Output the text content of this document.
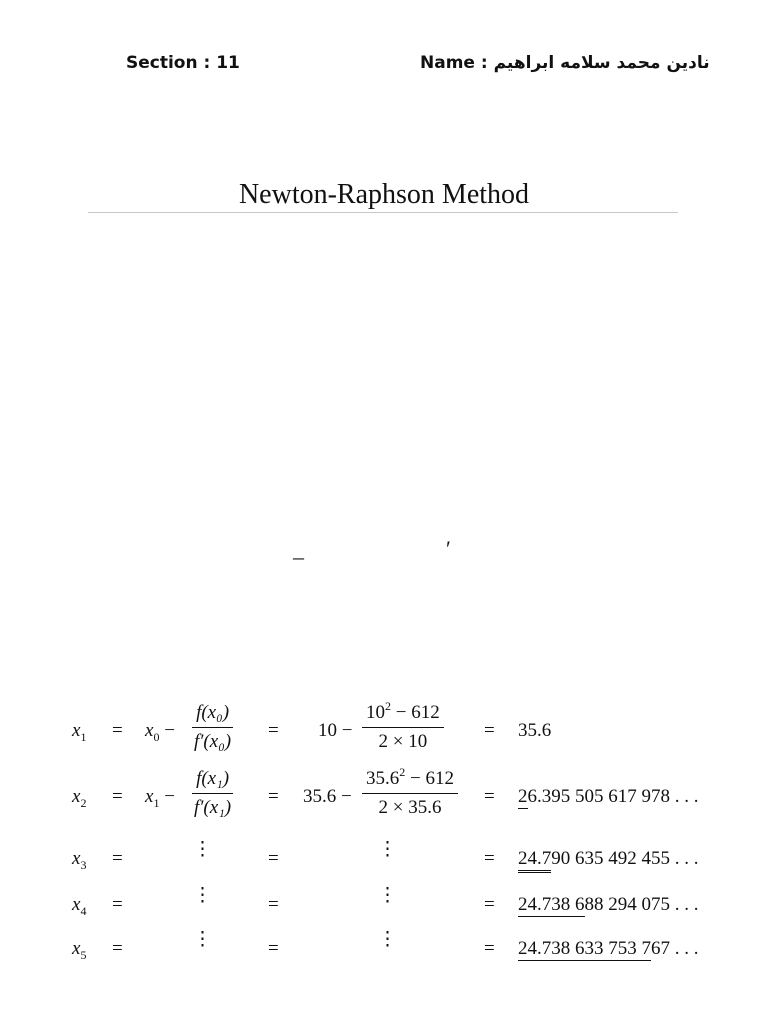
Section : 11	Name : نادين محمد سلامه ابراهيم
Newton-Raphson Method
–	′
$x_1 = x_0 - \frac{\text{f(x₀)}}{\text{f′(x₀)}} = 10 - \frac{10^2 - 612}{2 \times 10} = 35.6$
$x_2 = x_1 - \frac{\text{f(x₁)}}{\text{f′(x₁)}} = 35.6 - \frac{35.6^2 - 612}{2 \times 35.6} = 26.395$ 505 617 978 . . .
$x_3$ =	⋮	=	⋮	= 24.790 635 492 455 . . .
$x_4$ =	⋮	=	⋮	= 24.738 688 294 075 . . .
$x_5$ =	⋮	=	⋮	= 24.738 633 753 767 . . .
